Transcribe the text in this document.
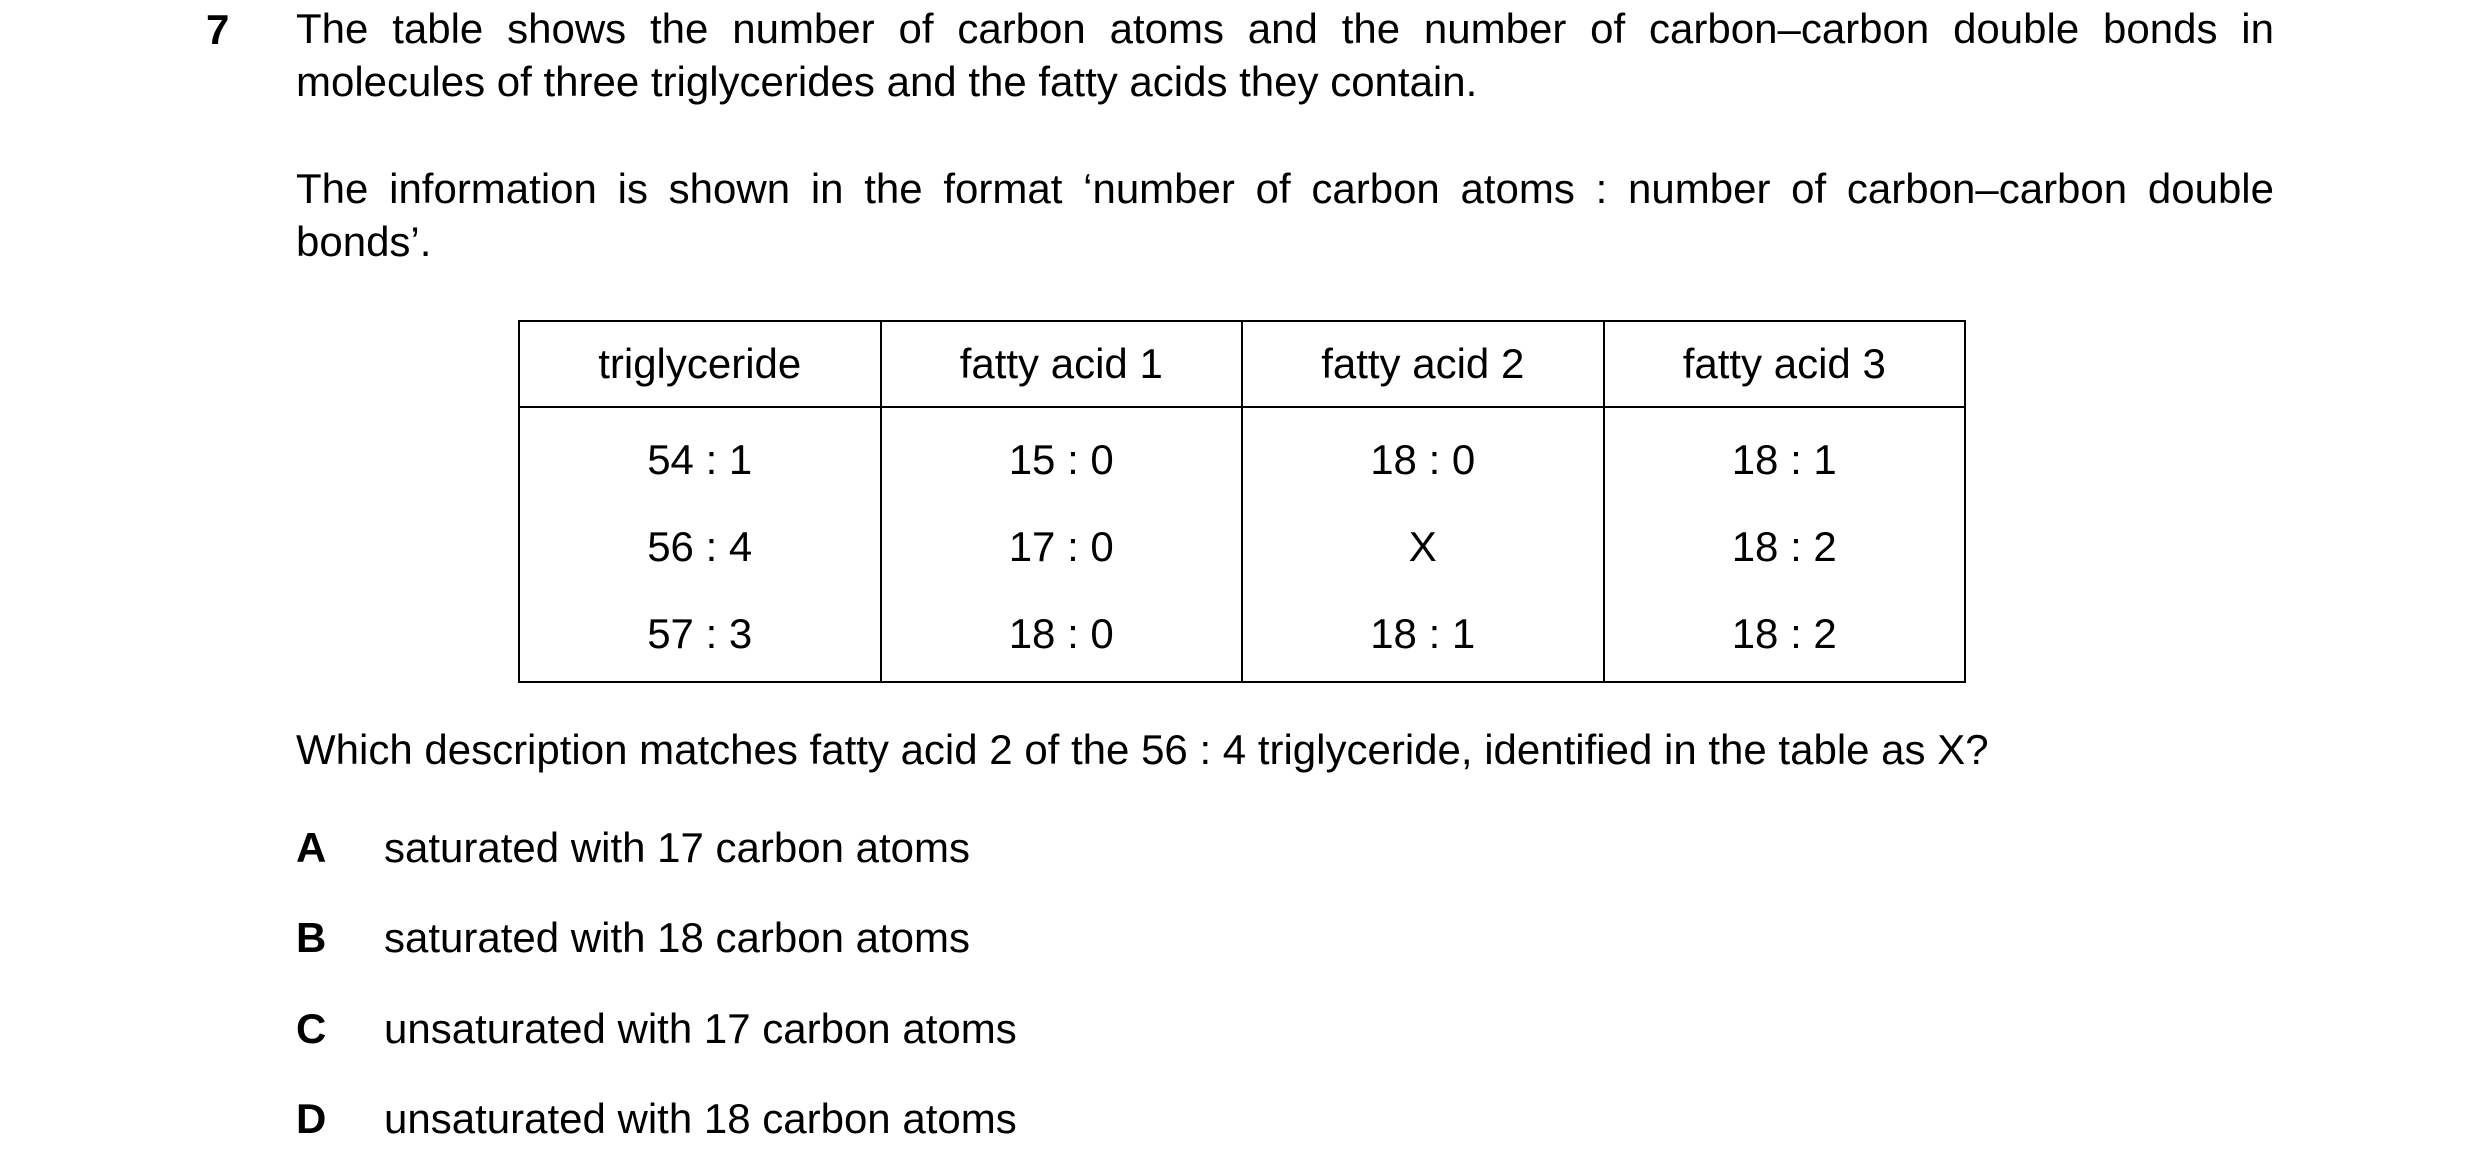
7 The table shows the number of carbon atoms and the number of carbon–carbon double bonds in molecules of three triglycerides and the fatty acids they contain.

The information is shown in the format ‘number of carbon atoms : number of carbon–carbon double bonds’.

triglyceride	fatty acid 1	fatty acid 2	fatty acid 3
54 : 1	15 : 0	18 : 0	18 : 1
56 : 4	17 : 0	X	18 : 2
57 : 3	18 : 0	18 : 1	18 : 2

Which description matches fatty acid 2 of the 56 : 4 triglyceride, identified in the table as X?

A saturated with 17 carbon atoms
B saturated with 18 carbon atoms
C unsaturated with 17 carbon atoms
D unsaturated with 18 carbon atoms
